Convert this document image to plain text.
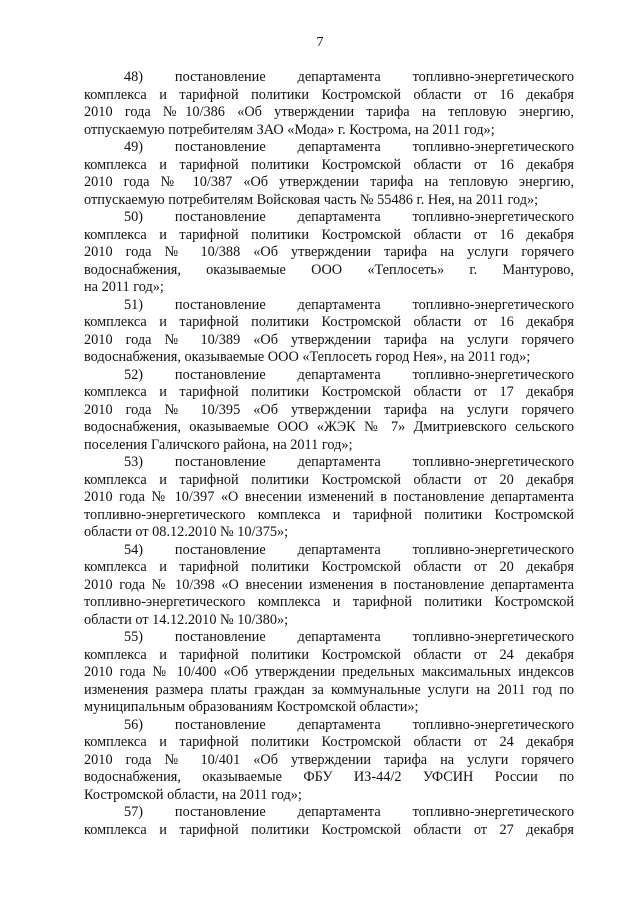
7
48) постановление департамента топливно-энергетического
комплекса и тарифной политики Костромской области от 16 декабря
2010 года №10/386 «Об утверждении тарифа на тепловую энергию,
отпускаемую потребителям ЗАО «Мода» г. Кострома, на 2011 год»;
49) постановление департамента топливно-энергетического
комплекса и тарифной политики Костромской области от 16 декабря
2010 года № 10/387 «Об утверждении тарифа на тепловую энергию,
отпускаемую потребителям Войсковая часть № 55486 г. Нея, на 2011 год»;
50) постановление департамента топливно-энергетического
комплекса и тарифной политики Костромской области от 16 декабря
2010 года № 10/388 «Об утверждении тарифа на услуги горячего
водоснабжения, оказываемые ООО «Теплосеть» г. Мантурово,
на 2011 год»;
51) постановление департамента топливно-энергетического
комплекса и тарифной политики Костромской области от 16 декабря
2010 года № 10/389 «Об утверждении тарифа на услуги горячего
водоснабжения, оказываемые ООО «Теплосеть город Нея», на 2011 год»;
52) постановление департамента топливно-энергетического
комплекса и тарифной политики Костромской области от 17 декабря
2010 года № 10/395 «Об утверждении тарифа на услуги горячего
водоснабжения, оказываемые ООО «ЖЭК № 7» Дмитриевского сельского
поселения Галичского района, на 2011 год»;
53) постановление департамента топливно-энергетического
комплекса и тарифной политики Костромской области от 20 декабря
2010 года № 10/397 «О внесении изменений в постановление департамента
топливно-энергетического комплекса и тарифной политики Костромской
области от 08.12.2010 № 10/375»;
54) постановление департамента топливно-энергетического
комплекса и тарифной политики Костромской области от 20 декабря
2010 года № 10/398 «О внесении изменения в постановление департамента
топливно-энергетического комплекса и тарифной политики Костромской
области от 14.12.2010 № 10/380»;
55) постановление департамента топливно-энергетического
комплекса и тарифной политики Костромской области от 24 декабря
2010 года № 10/400 «Об утверждении предельных максимальных индексов
изменения размера платы граждан за коммунальные услуги на 2011 год по
муниципальным образованиям Костромской области»;
56) постановление департамента топливно-энергетического
комплекса и тарифной политики Костромской области от 24 декабря
2010 года № 10/401 «Об утверждении тарифа на услуги горячего
водоснабжения, оказываемые ФБУ ИЗ-44/2 УФСИН России по
Костромской области, на 2011 год»;
57) постановление департамента топливно-энергетического
комплекса и тарифной политики Костромской области от 27 декабря
